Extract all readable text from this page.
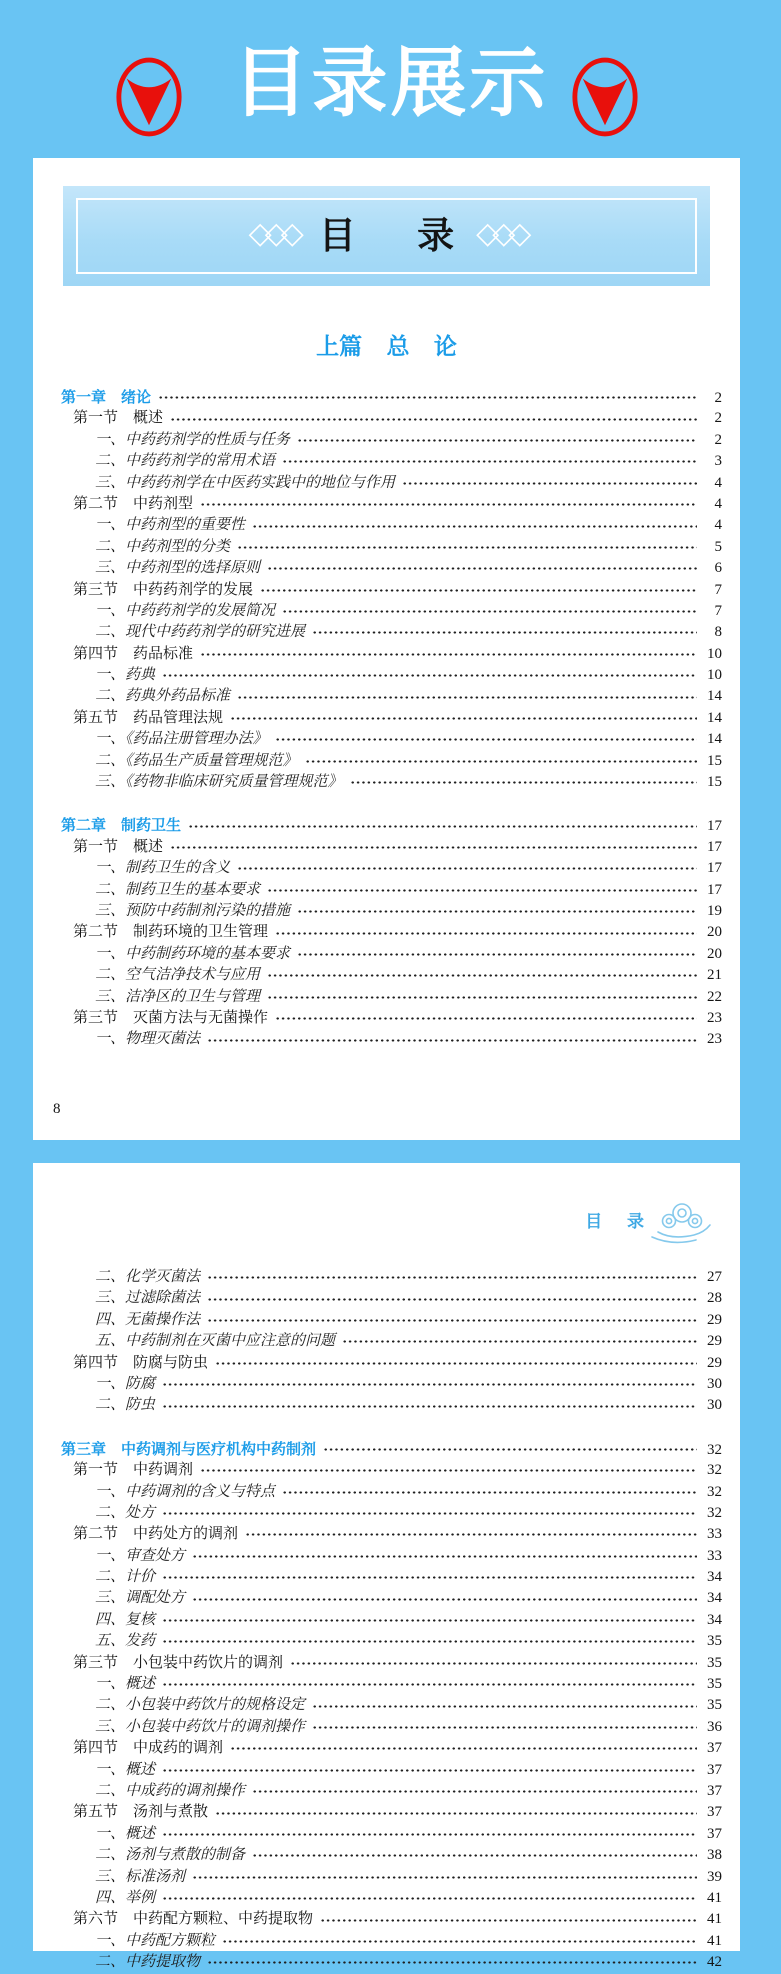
目录展示
◇◇◇ 目 录 ◇◇◇
上篇 总 论
第一章　绪论	2
第一节　概述	2
一、中药药剂学的性质与任务	2
二、中药药剂学的常用术语	3
三、中药药剂学在中医药实践中的地位与作用	4
第二节　中药剂型	4
一、中药剂型的重要性	4
二、中药剂型的分类	5
三、中药剂型的选择原则	6
第三节　中药药剂学的发展	7
一、中药药剂学的发展简况	7
二、现代中药药剂学的研究进展	8
第四节　药品标准	10
一、药典	10
二、药典外药品标准	14
第五节　药品管理法规	14
一、《药品注册管理办法》	14
二、《药品生产质量管理规范》	15
三、《药物非临床研究质量管理规范》	15
第二章　制药卫生	17
第一节　概述	17
一、制药卫生的含义	17
二、制药卫生的基本要求	17
三、预防中药制剂污染的措施	19
第二节　制药环境的卫生管理	20
一、中药制药环境的基本要求	20
二、空气洁净技术与应用	21
三、洁净区的卫生与管理	22
第三节　灭菌方法与无菌操作	23
一、物理灭菌法	23
8
目 录
二、化学灭菌法	27
三、过滤除菌法	28
四、无菌操作法	29
五、中药制剂在灭菌中应注意的问题	29
第四节　防腐与防虫	29
一、防腐	30
二、防虫	30
第三章　中药调剂与医疗机构中药制剂	32
第一节　中药调剂	32
一、中药调剂的含义与特点	32
二、处方	32
第二节　中药处方的调剂	33
一、审查处方	33
二、计价	34
三、调配处方	34
四、复核	34
五、发药	35
第三节　小包装中药饮片的调剂	35
一、概述	35
二、小包装中药饮片的规格设定	35
三、小包装中药饮片的调剂操作	36
第四节　中成药的调剂	37
一、概述	37
二、中成药的调剂操作	37
第五节　汤剂与煮散	37
一、概述	37
二、汤剂与煮散的制备	38
三、标准汤剂	39
四、举例	41
第六节　中药配方颗粒、中药提取物	41
一、中药配方颗粒	41
二、中药提取物	42
